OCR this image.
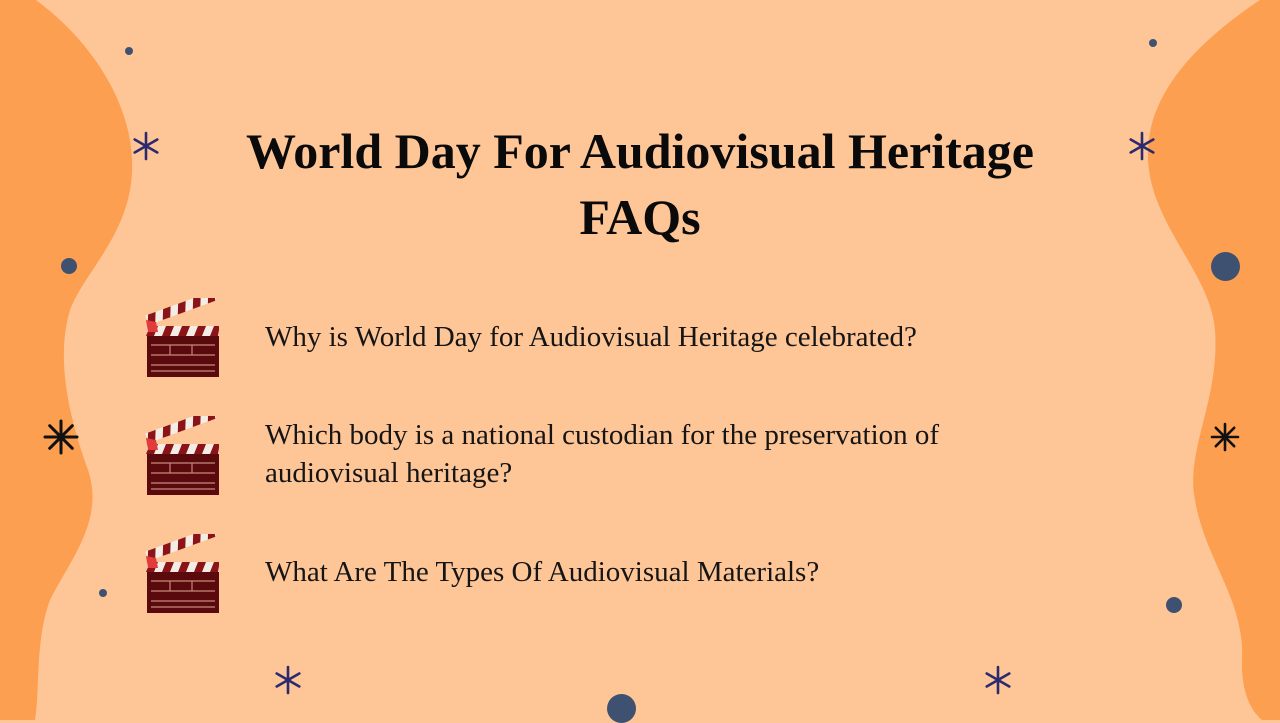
World Day For Audiovisual Heritage
FAQs
Why is World Day for Audiovisual Heritage celebrated?
Which body is a national custodian for the preservation of audiovisual heritage?
What Are The Types Of Audiovisual Materials?
